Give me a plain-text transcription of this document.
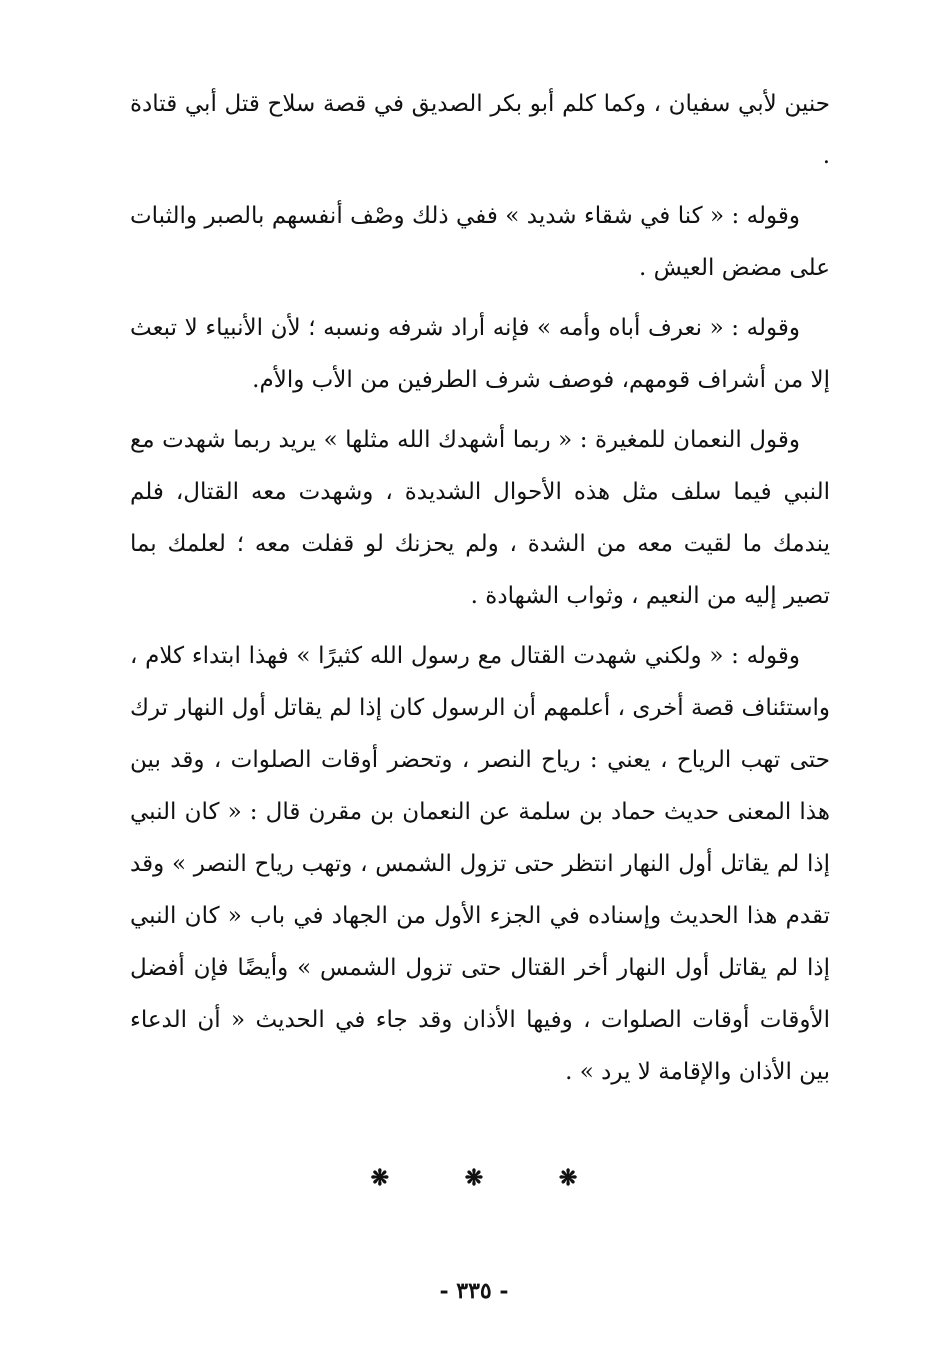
حنين لأبي سفيان ، وكما كلم أبو بكر الصديق في قصة سلاح قتل أبي قتادة .

وقوله : « كنا في شقاء شديد » ففي ذلك وصْف أنفسهم بالصبر والثبات على مضض العيش .

وقوله : « نعرف أباه وأمه » فإنه أراد شرفه ونسبه ؛ لأن الأنبياء لا تبعث إلا من أشراف قومهم، فوصف شرف الطرفين من الأب والأم.

وقول النعمان للمغيرة : « ربما أشهدك الله مثلها » يريد ربما شهدت مع النبي فيما سلف مثل هذه الأحوال الشديدة ، وشهدت معه القتال، فلم يندمك ما لقيت معه من الشدة ، ولم يحزنك لو قفلت معه ؛ لعلمك بما تصير إليه من النعيم ، وثواب الشهادة .

وقوله : « ولكني شهدت القتال مع رسول الله كثيرًا » فهذا ابتداء كلام ، واستئناف قصة أخرى ، أعلمهم أن الرسول كان إذا لم يقاتل أول النهار ترك حتى تهب الرياح ، يعني : رياح النصر ، وتحضر أوقات الصلوات ، وقد بين هذا المعنى حديث حماد بن سلمة عن النعمان بن مقرن قال : « كان النبي إذا لم يقاتل أول النهار انتظر حتى تزول الشمس ، وتهب رياح النصر » وقد تقدم هذا الحديث وإسناده في الجزء الأول من الجهاد في باب « كان النبي إذا لم يقاتل أول النهار أخر القتال حتى تزول الشمس » وأيضًا فإن أفضل الأوقات أوقات الصلوات ، وفيها الأذان وقد جاء في الحديث « أن الدعاء بين الأذان والإقامة لا يرد » .

❋	❋	❋
- ٣٣٥ -
